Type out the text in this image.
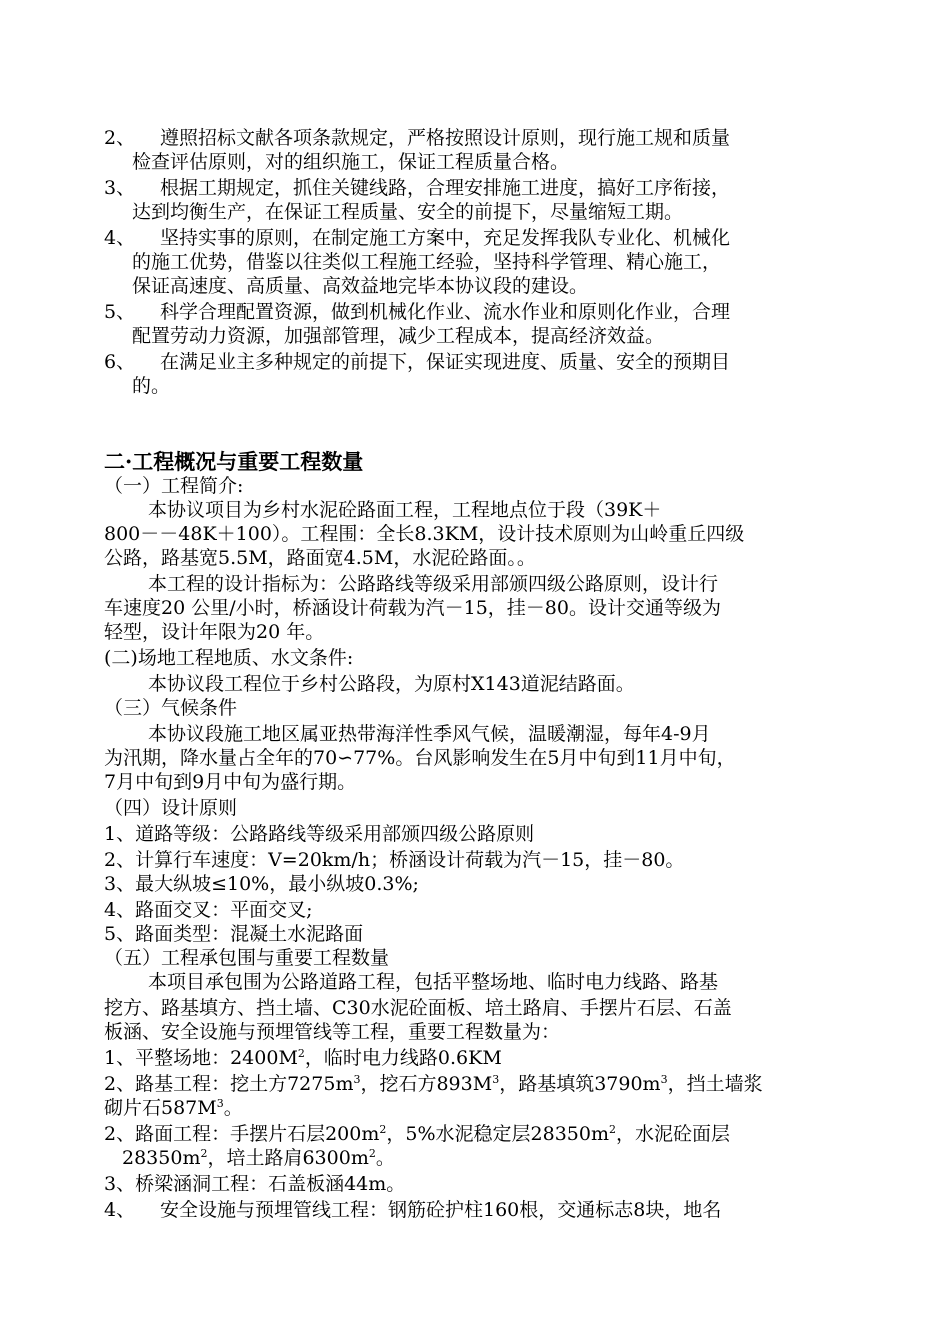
2、 遵照招标文献各项条款规定，严格按照设计原则，现行施工规和质量
检查评估原则，对的组织施工，保证工程质量合格。
3、 根据工期规定，抓住关键线路，合理安排施工进度，搞好工序衔接，
达到均衡生产，在保证工程质量、安全的前提下，尽量缩短工期。
4、 坚持实事的原则，在制定施工方案中，充足发挥我队专业化、机械化
的施工优势，借鉴以往类似工程施工经验，坚持科学管理、精心施工，
保证高速度、高质量、高效益地完毕本协议段的建设。
5、 科学合理配置资源，做到机械化作业、流水作业和原则化作业，合理
配置劳动力资源，加强部管理，减少工程成本，提高经济效益。
6、 在满足业主多种规定的前提下，保证实现进度、质量、安全的预期目
的。
二·工程概况与重要工程数量
（一）工程简介:
本协议项目为乡村水泥砼路面工程，工程地点位于段（39K＋
800－－48K＋100）。工程围：全长8.3KM，设计技术原则为山岭重丘四级
公路，路基宽5.5M，路面宽4.5M，水泥砼路面。。
本工程的设计指标为：公路路线等级采用部颁四级公路原则，设计行
车速度20 公里/小时，桥涵设计荷载为汽－15，挂－80。设计交通等级为
轻型，设计年限为20 年。
(二)场地工程地质、水文条件:
本协议段工程位于乡村公路段，为原村X143道泥结路面。
（三）气候条件
本协议段施工地区属亚热带海洋性季风气候，温暖潮湿，每年4-9月
为汛期，降水量占全年的70∽77%。台风影响发生在5月中旬到11月中旬，
7月中旬到9月中旬为盛行期。
（四）设计原则
1、道路等级：公路路线等级采用部颁四级公路原则
2、计算行车速度：V=20km/h；桥涵设计荷载为汽－15，挂－80。
3、最大纵坡≤10%，最小纵坡0.3%;
4、路面交叉：平面交叉;
5、路面类型：混凝土水泥路面
（五）工程承包围与重要工程数量
本项目承包围为公路道路工程，包括平整场地、临时电力线路、路基
挖方、路基填方、挡土墙、C30水泥砼面板、培土路肩、手摆片石层、石盖
板涵、安全设施与预埋管线等工程，重要工程数量为：
1、平整场地：$2400M^2$，临时电力线路0.6KM
2、路基工程：挖土方$7275m^3$，挖石方$893M^3$，路基填筑$3790m^3$，挡土墙浆
砌片石$587M^3$。
2、路面工程：手摆片石层$200m^2$，5%水泥稳定层$28350m^2$，水泥砼面层
$28350m^2$，培土路肩$6300m^2$。
3、桥梁涵洞工程：石盖板涵44m。
4、 安全设施与预埋管线工程：钢筋砼护柱160根，交通标志8块，地名
